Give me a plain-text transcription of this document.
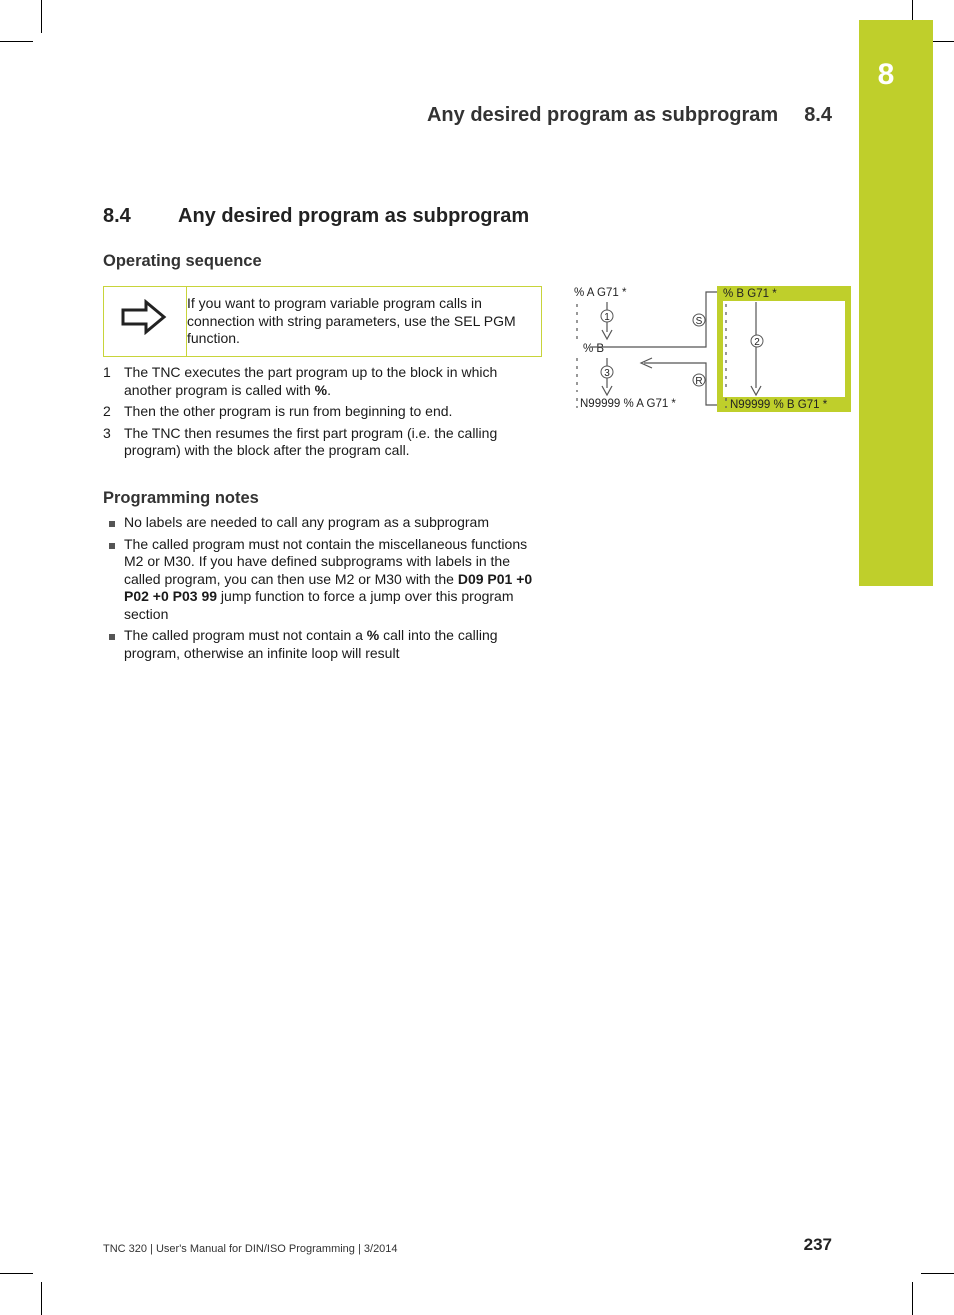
8
Any desired program as subprogram 8.4
8.4 Any desired program as subprogram
Operating sequence
If you want to program variable program calls in connection with string parameters, use the SEL PGM function.
1 The TNC executes the part program up to the block in which another program is called with %.
2 Then the other program is run from beginning to end.
3 The TNC then resumes the first part program (i.e. the calling program) with the block after the program call.
Programming notes
No labels are needed to call any program as a subprogram
The called program must not contain the miscellaneous functions M2 or M30. If you have defined subprograms with labels in the called program, you can then use M2 or M30 with the D09 P01 +0 P02 +0 P03 99 jump function to force a jump over this program section
The called program must not contain a % call into the calling program, otherwise an infinite loop will result
% B G71 *
N99999 % B G71 *
2
% A G71 *
% B
N99999 % A G71 *
1
3
S
R
TNC 320 | User's Manual for DIN/ISO Programming | 3/2014	237
